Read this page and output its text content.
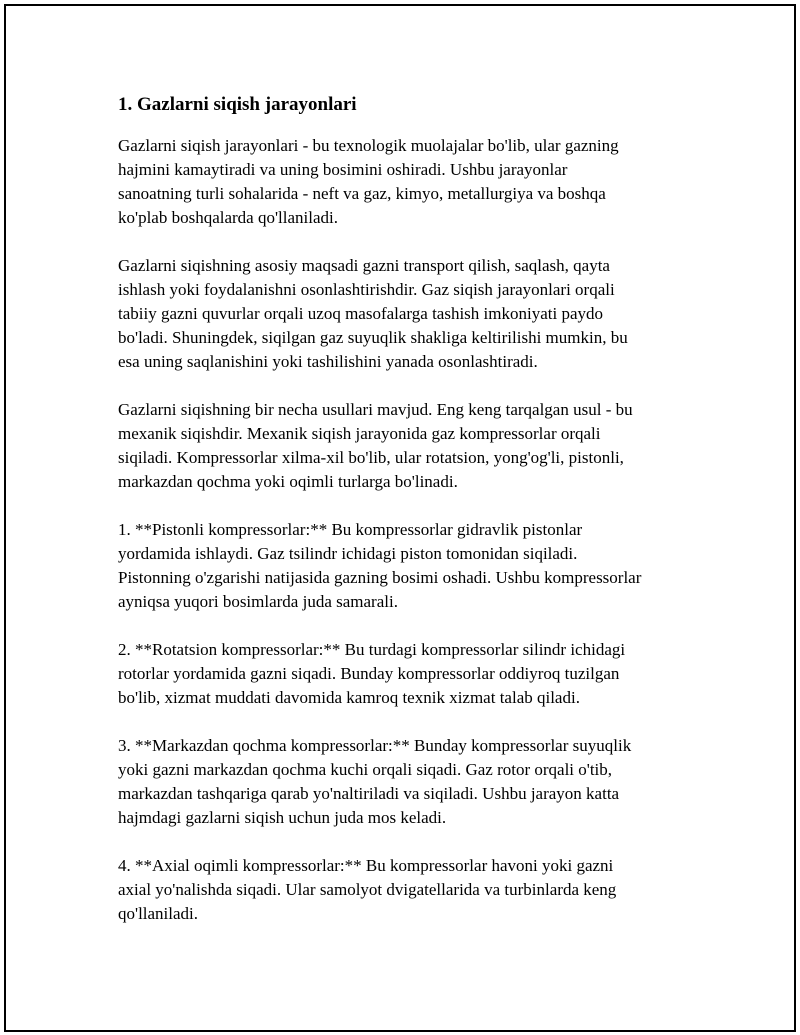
1. Gazlarni siqish jarayonlari

Gazlarni siqish jarayonlari - bu texnologik muolajalar bo'lib, ular gazning
hajmini kamaytiradi va uning bosimini oshiradi. Ushbu jarayonlar
sanoatning turli sohalarida - neft va gaz, kimyo, metallurgiya va boshqa
ko'plab boshqalarda qo'llaniladi.

Gazlarni siqishning asosiy maqsadi gazni transport qilish, saqlash, qayta
ishlash yoki foydalanishni osonlashtirishdir. Gaz siqish jarayonlari orqali
tabiiy gazni quvurlar orqali uzoq masofalarga tashish imkoniyati paydo
bo'ladi. Shuningdek, siqilgan gaz suyuqlik shakliga keltirilishi mumkin, bu
esa uning saqlanishini yoki tashilishini yanada osonlashtiradi.

Gazlarni siqishning bir necha usullari mavjud. Eng keng tarqalgan usul - bu
mexanik siqishdir. Mexanik siqish jarayonida gaz kompressorlar orqali
siqiladi. Kompressorlar xilma-xil bo'lib, ular rotatsion, yong'og'li, pistonli,
markazdan qochma yoki oqimli turlarga bo'linadi.

1. **Pistonli kompressorlar:** Bu kompressorlar gidravlik pistonlar
yordamida ishlaydi. Gaz tsilindr ichidagi piston tomonidan siqiladi.
Pistonning o'zgarishi natijasida gazning bosimi oshadi. Ushbu kompressorlar
ayniqsa yuqori bosimlarda juda samarali.

2. **Rotatsion kompressorlar:** Bu turdagi kompressorlar silindr ichidagi
rotorlar yordamida gazni siqadi. Bunday kompressorlar oddiyroq tuzilgan
bo'lib, xizmat muddati davomida kamroq texnik xizmat talab qiladi.

3. **Markazdan qochma kompressorlar:** Bunday kompressorlar suyuqlik
yoki gazni markazdan qochma kuchi orqali siqadi. Gaz rotor orqali o'tib,
markazdan tashqariga qarab yo'naltiriladi va siqiladi. Ushbu jarayon katta
hajmdagi gazlarni siqish uchun juda mos keladi.

4. **Axial oqimli kompressorlar:** Bu kompressorlar havoni yoki gazni
axial yo'nalishda siqadi. Ular samolyot dvigatellarida va turbinlarda keng
qo'llaniladi.
